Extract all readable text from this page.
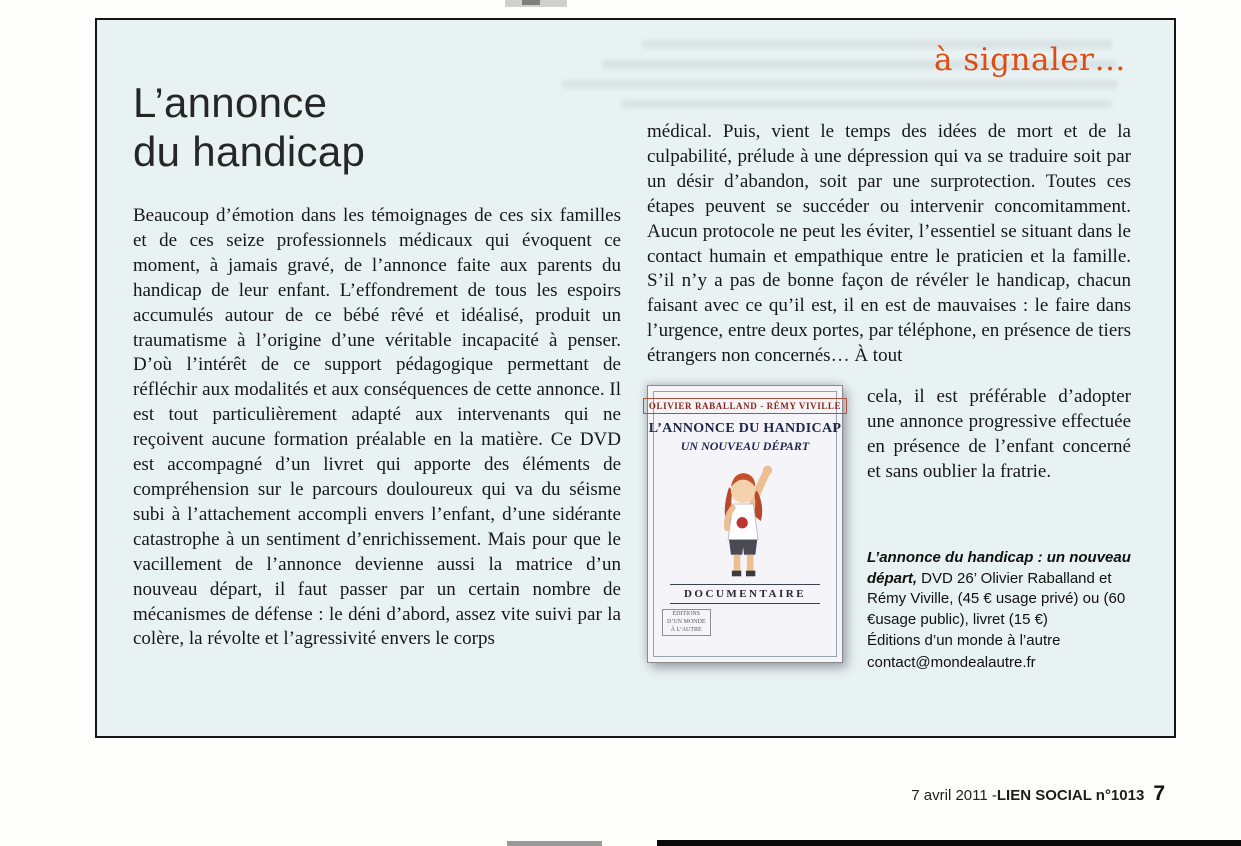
à signaler…
L’annonce
du handicap

Beaucoup d’émotion dans les témoignages de ces six familles et de ces seize professionnels médicaux qui évoquent ce moment, à jamais gravé, de l’annonce faite aux parents du handicap de leur enfant. L’effondrement de tous les espoirs accumulés autour de ce bébé rêvé et idéalisé, produit un traumatisme à l’origine d’une véritable incapacité à penser. D’où l’intérêt de ce support pédagogique permettant de réfléchir aux modalités et aux conséquences de cette annonce. Il est tout particulièrement adapté aux intervenants qui ne reçoivent aucune formation préalable en la matière. Ce DVD est accompagné d’un livret qui apporte des éléments de compréhension sur le parcours douloureux qui va du séisme subi à l’attachement accompli envers l’enfant, d’une sidérante catastrophe à un sentiment d’enrichissement. Mais pour que le vacillement de l’annonce devienne aussi la matrice d’un nouveau départ, il faut passer par un certain nombre de mécanismes de défense : le déni d’abord, assez vite suivi par la colère, la révolte et l’agressivité envers le corps

médical. Puis, vient le temps des idées de mort et de la culpabilité, prélude à une dépression qui va se traduire soit par un désir d’abandon, soit par une surprotection. Toutes ces étapes peuvent se succéder ou intervenir concomitamment. Aucun protocole ne peut les éviter, l’essentiel se situant dans le contact humain et empathique entre le praticien et la famille. S’il n’y a pas de bonne façon de révéler le handicap, chacun faisant avec ce qu’il est, il en est de mauvaises : le faire dans l’urgence, entre deux portes, par téléphone, en présence de tiers étrangers non concernés… À tout

OLIVIER RABALLAND - RÉMY VIVILLE
L’ANNONCE DU HANDICAP
UN NOUVEAU DÉPART
DOCUMENTAIRE
ÉDITIONS
D’UN MONDE
À L’AUTRE

cela, il est préférable d’adopter une annonce progressive effectuée en présence de l’enfant concerné et sans oublier la fratrie.

L’annonce du handicap : un nouveau départ, DVD 26’ Olivier Raballand et Rémy Viville, (45 € usage privé) ou (60 €usage public), livret (15 €)
Éditions d’un monde à l’autre
contact@mondealautre.fr
7 avril 2011 - LIEN SOCIAL n°1013 7
